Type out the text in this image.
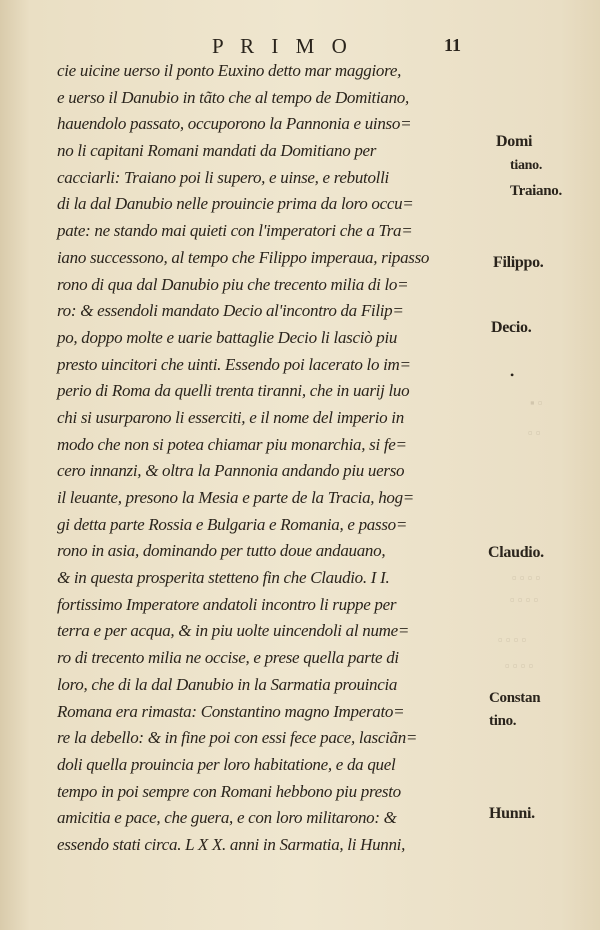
P R I M O	11
cie uicine uerso il ponto Euxino detto mar maggiore,
e uerso il Danubio in tãto che al tempo de Domitiano,
hauendolo passato, occuporono la Pannonia e uinso=
no li capitani Romani mandati da Domitiano per
cacciarli: Traiano poi li supero, e uinse, e rebutolli
di la dal Danubio nelle prouincie prima da loro occu=
pate: ne stando mai quieti con l'imperatori che a Tra=
iano successono, al tempo che Filippo imperaua, ripasso
rono di qua dal Danubio piu che trecento milia di lo=
ro: & essendoli mandato Decio al'incontro da Filip=
po, doppo molte e uarie battaglie Decio li lasciò piu
presto uincitori che uinti. Essendo poi lacerato lo im=
perio di Roma da quelli trenta tiranni, che in uarij luo
chi si usurparono li esserciti, e il nome del imperio in
modo che non si potea chiamar piu monarchia, si fe=
cero innanzi, & oltra la Pannonia andando piu uerso
il leuante, presono la Mesia e parte de la Tracia, hog=
gi detta parte Rossia e Bulgaria e Romania, e passo=
rono in asia, dominando per tutto doue andauano,
& in questa prosperita stetteno fin che Claudio. I I.
fortissimo Imperatore andatoli incontro li ruppe per
terra e per acqua, & in piu uolte uincendoli al nume=
ro di trecento milia ne occise, e prese quella parte di
loro, che di la dal Danubio in la Sarmatia prouincia
Romana era rimasta: Constantino magno Imperato=
re la debello: & in fine poi con essi fece pace, lasciãn=
doli quella prouincia per loro habitatione, e da quel
tempo in poi sempre con Romani hebbono piu presto
amicitia e pace, che guera, e con loro militarono: &
essendo stati circa. L X X. anni in Sarmatia, li Hunni,
Domi
tiano.
Traiano.
Filippo.
Decio.
Claudio.
Constan
tino.
Hunni.
•
▪ ▫
▫ ▫
▫ ▫ ▫ ▫
▫ ▫ ▫ ▫
▫ ▫ ▫ ▫
▫ ▫ ▫ ▫
